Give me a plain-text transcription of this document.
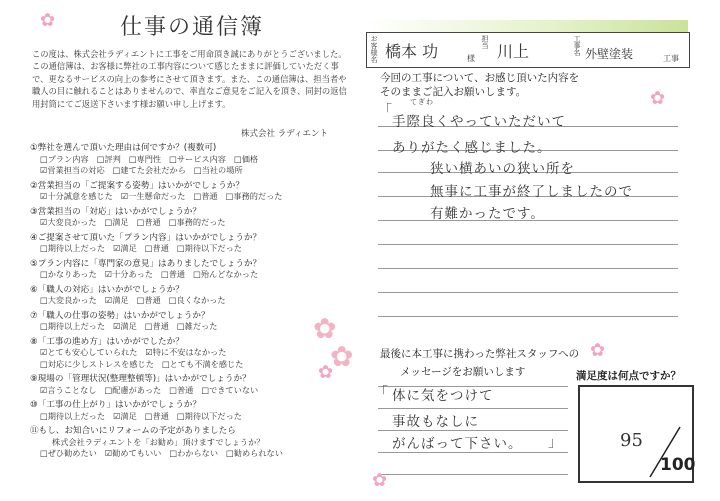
✿	仕事の通信簿
この度は、株式会社ラディエントに工事をご用命頂き誠にありがとうございました。この通信簿は、お客様に弊社の工事内容について感じたままに評価していただく事で、更なるサービスの向上の参考にさせて頂きます。また、この通信簿は、担当者や職人の目に触れることはありませんので、率直なご意見をご記入を頂き、同封の返信用封筒にてご返送下さいます様お願い申し上げます。
株式会社 ラディエント
①弊社を選んで頂いた理由は何ですか？(複数可)
□プラン内容 □評判 □専門性 □サービス内容 □価格
☑営業担当の対応 □建てた会社だから □当社の場所
②営業担当の「ご提案する姿勢」はいかがでしょうか？
☑十分誠意を感じた ☑一生懸命だった □普通 □事務的だった
③営業担当の「対応」はいかがでしょうか？
☑大変良かった □満足 □普通 □事務的だった
④ご提案させて頂いた「プラン内容」はいかがでしょうか？
□期待以上だった ☑満足 □普通 □期待以下だった
⑤プラン内容に「専門家の意見」はありましたでしょうか？
□かなりあった ☑十分あった □普通 □殆んどなかった
⑥「職人の対応」はいかがでしょうか？
□大変良かった ☑満足 □普通 □良くなかった
⑦「職人の仕事の姿勢」はいかがでしょうか？
□期待以上だった ☑満足 □普通 □雑だった
⑧「工事の進め方」はいかがでしたか？
☑とても安心していられた ☑特に不安はなかった
□対応に少しストレスを感じた □とても不満を感じた
⑨現場の「管理状況(整理整頓等)」はいかがでしょうか？
☑言うことなし □配慮があった □普通 □できていない
⑩「工事の仕上がり」はいかがでしょうか？
□期待以上だった ☑満足 □普通 □期待以下だった
⑪もし、お知合いにリフォームの予定がありましたら
株式会社ラディエントを「お勧め」頂けますでしょうか？
□ぜひ勧めたい ☑勧めてもいい □わからない □勧められない
✿
✿
✿
お客様名 橋本 功	様
担当 川上	工事名 外壁塗装	工事
今回の工事について、お感じ頂いた内容を
そのままご記入お願いします。	✿
「
てぎわ
手際良くやっていただいて
ありがたく感じました。
狭い横あいの狭い所を
無事に工事が終了しましたので
有難かったです。
✿
最後に本工事に携わった弊社スタッフへの
メッセージをお願いします
「 体に気をつけて
事故もなしに
がんばって下さい。 」
✿
満足度は何点ですか？
95
100
